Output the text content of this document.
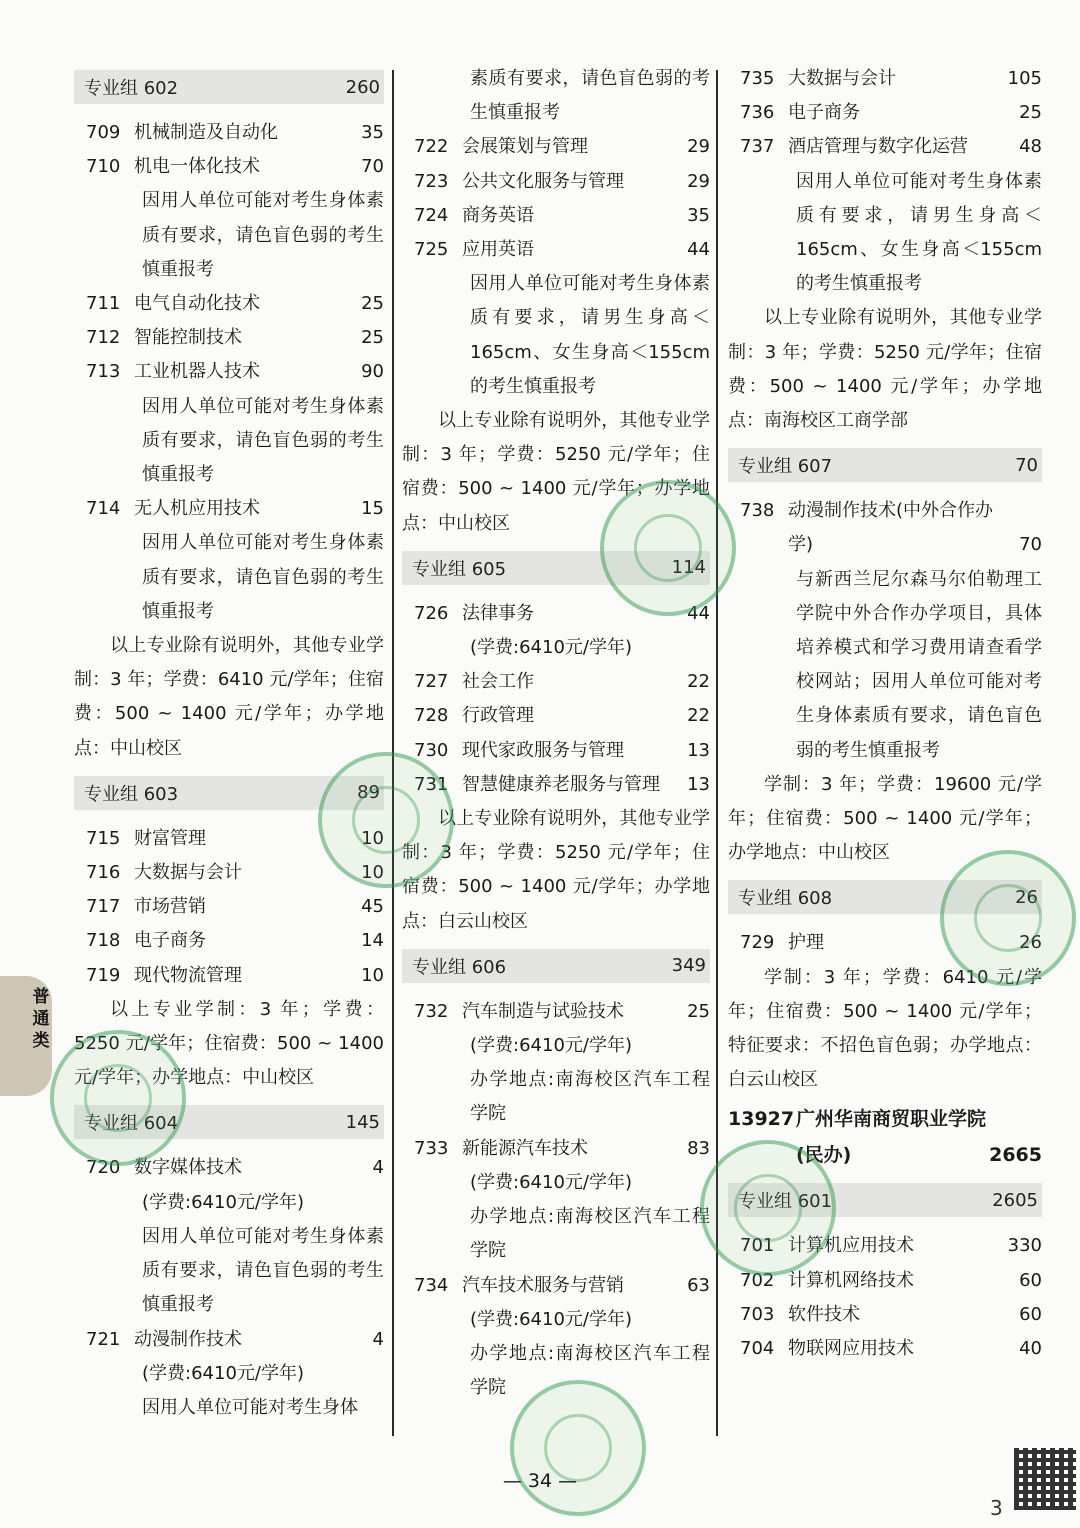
专业组 602	260
709 机械制造及自动化	35
710 机电一体化技术	70
因用人单位可能对考生身体素质有要求，请色盲色弱的考生慎重报考
711 电气自动化技术	25
712 智能控制技术	25
713 工业机器人技术	90
因用人单位可能对考生身体素质有要求，请色盲色弱的考生慎重报考
714 无人机应用技术	15
因用人单位可能对考生身体素质有要求，请色盲色弱的考生慎重报考
以上专业除有说明外，其他专业学制：3 年；学费：6410 元/学年；住宿费：500 ~ 1400 元/学年；办学地点：中山校区
专业组 603	89
715 财富管理	10
716 大数据与会计	10
717 市场营销	45
718 电子商务	14
719 现代物流管理	10
以上专业学制：3 年；学费：5250 元/学年；住宿费：500 ~ 1400 元/学年；办学地点：中山校区
专业组 604	145
720 数字媒体技术	4
(学费:6410元/学年)
因用人单位可能对考生身体素质有要求，请色盲色弱的考生慎重报考
721 动漫制作技术	4
(学费:6410元/学年)
因用人单位可能对考生身体
素质有要求，请色盲色弱的考生慎重报考
722 会展策划与管理	29
723 公共文化服务与管理	29
724 商务英语	35
725 应用英语	44
因用人单位可能对考生身体素质有要求，请男生身高＜165cm、女生身高＜155cm 的考生慎重报考
以上专业除有说明外，其他专业学制：3 年；学费：5250 元/学年；住宿费：500 ~ 1400 元/学年；办学地点：中山校区
专业组 605	114
726 法律事务	44
(学费:6410元/学年)
727 社会工作	22
728 行政管理	22
730 现代家政服务与管理	13
731 智慧健康养老服务与管理	13
以上专业除有说明外，其他专业学制：3 年；学费：5250 元/学年；住宿费：500 ~ 1400 元/学年；办学地点：白云山校区
专业组 606	349
732 汽车制造与试验技术	25
(学费:6410元/学年)
办学地点:南海校区汽车工程学院
733 新能源汽车技术	83
(学费:6410元/学年)
办学地点:南海校区汽车工程学院
734 汽车技术服务与营销	63
(学费:6410元/学年)
办学地点:南海校区汽车工程学院
735 大数据与会计	105
736 电子商务	25
737 酒店管理与数字化运营	48
因用人单位可能对考生身体素质有要求，请男生身高＜165cm、女生身高＜155cm 的考生慎重报考
以上专业除有说明外，其他专业学制：3 年；学费：5250 元/学年；住宿费：500 ~ 1400 元/学年；办学地点：南海校区工商学部
专业组 607	70
738 动漫制作技术(中外合作办
学)	70
与新西兰尼尔森马尔伯勒理工学院中外合作办学项目，具体培养模式和学习费用请查看学校网站；因用人单位可能对考生身体素质有要求，请色盲色弱的考生慎重报考
学制：3 年；学费：19600 元/学年；住宿费：500 ~ 1400 元/学年；办学地点：中山校区
专业组 608	26
729 护理	26
学制：3 年；学费：6410 元/学年；住宿费：500 ~ 1400 元/学年；特征要求：不招色盲色弱；办学地点：白云山校区
13927 广州华南商贸职业学院
(民办)	2665
专业组 601	2605
701 计算机应用技术	330
702 计算机网络技术	60
703 软件技术	60
704 物联网应用技术	40
普通类
— 34 —
3
